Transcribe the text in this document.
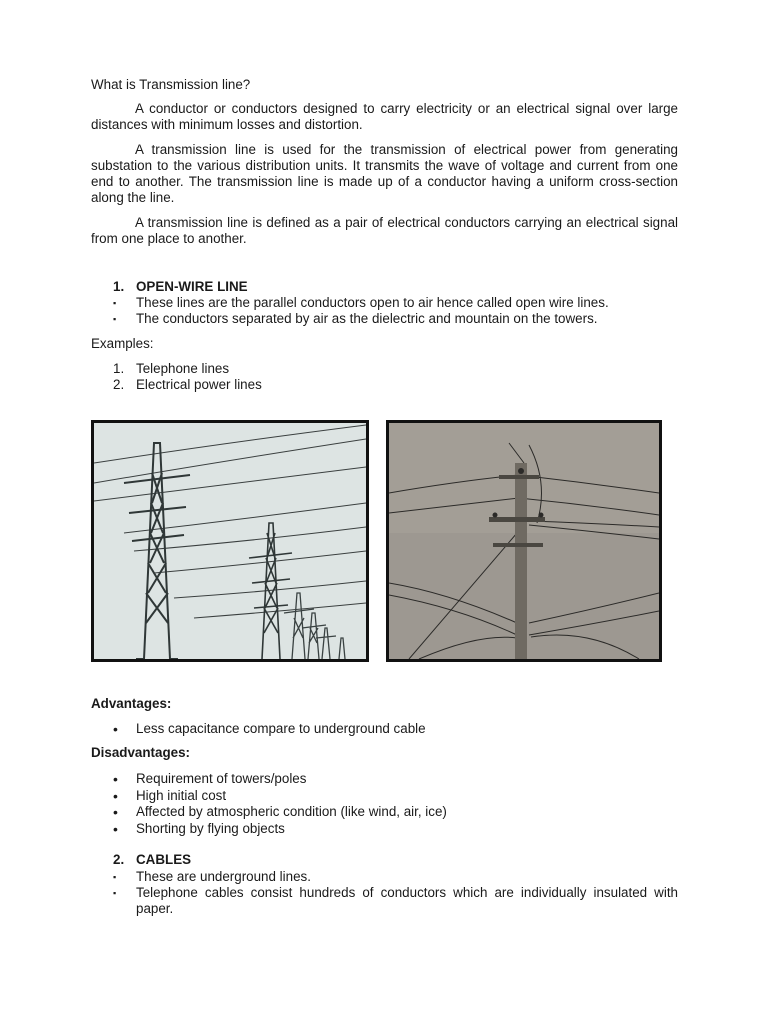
What is Transmission line?
A conductor or conductors designed to carry electricity or an electrical signal over large distances with minimum losses and distortion.
A transmission line is used for the transmission of electrical power from generating substation to the various distribution units. It transmits the wave of voltage and current from one end to another. The transmission line is made up of a conductor having a uniform cross-section along the line.
A transmission line is defined as a pair of electrical conductors carrying an electrical signal from one place to another.
1. OPEN-WIRE LINE
▪	These lines are the parallel conductors open to air hence called open wire lines.
▪	The conductors separated by air as the dielectric and mountain on the towers.
Examples:
1. Telephone lines
2. Electrical power lines
Advantages:
•	Less capacitance compare to underground cable
Disadvantages:
•	Requirement of towers/poles
•	High initial cost
•	Affected by atmospheric condition (like wind, air, ice)
•	Shorting by flying objects
2. CABLES
▪	These are underground lines.
▪	Telephone cables consist hundreds of conductors which are individually insulated with paper.
